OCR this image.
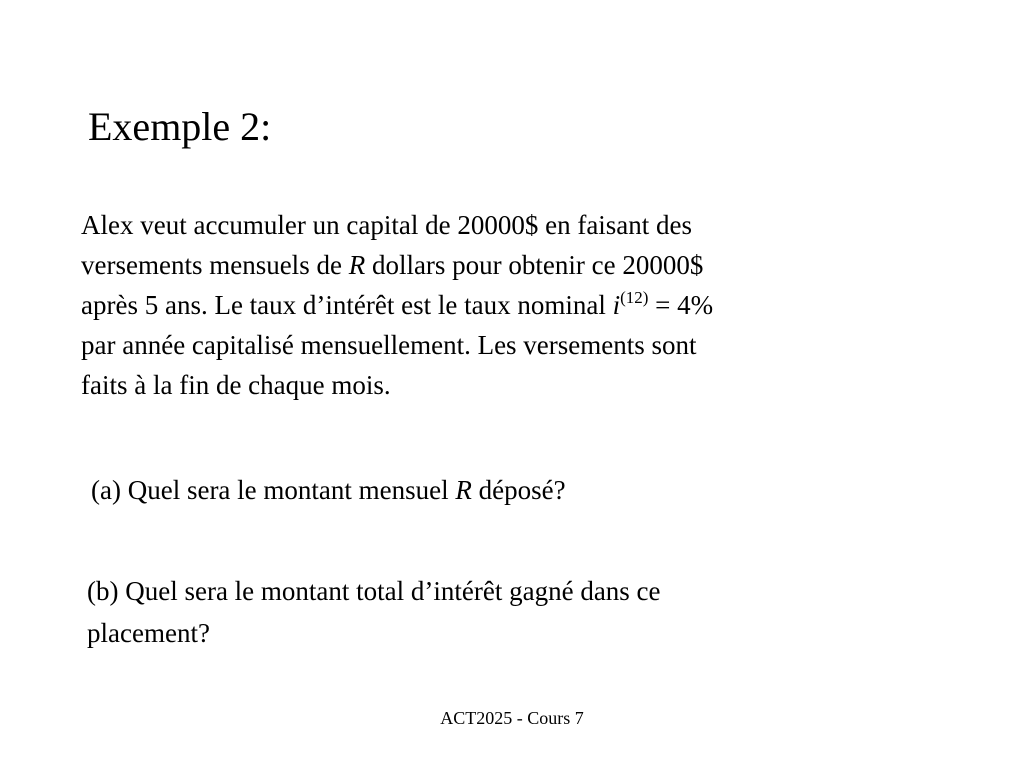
Exemple 2:
Alex veut accumuler un capital de 20000$ en faisant des
versements mensuels de R dollars pour obtenir ce 20000$
après 5 ans. Le taux d’intérêt est le taux nominal $i^{(12)} = 4\%$
par année capitalisé mensuellement. Les versements sont
faits à la fin de chaque mois.
(a) Quel sera le montant mensuel R déposé?
(b) Quel sera le montant total d’intérêt gagné dans ce
placement?
ACT2025 - Cours 7
